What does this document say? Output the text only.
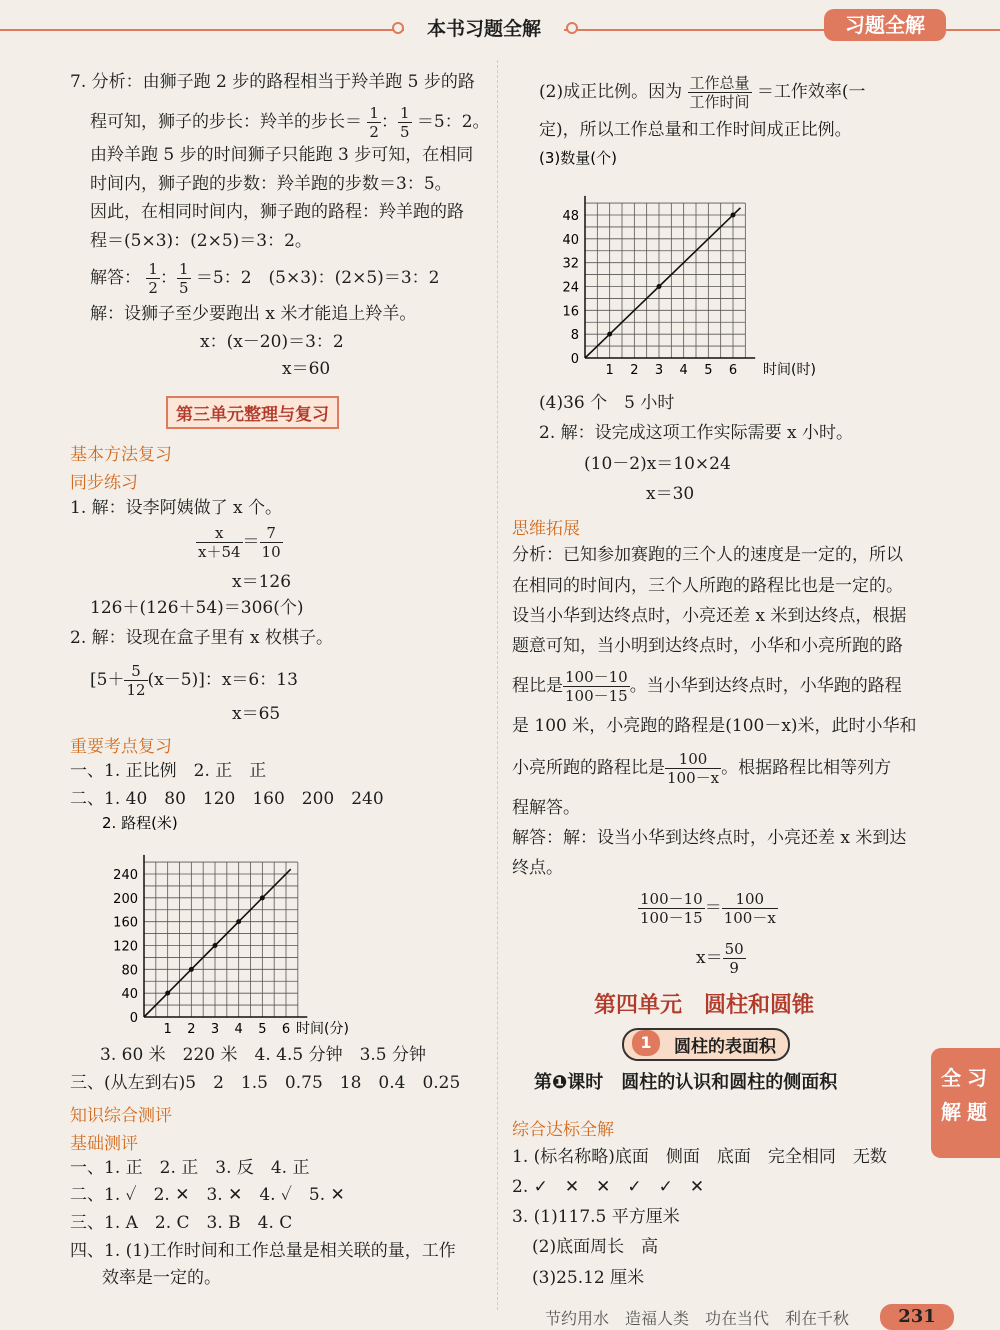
本书习题全解	习题全解
习
题
全
解
7. 分析：由狮子跑 2 步的路程相当于羚羊跑 5 步的路
程可知，狮子的步长：羚羊的步长＝ $\frac{1}{2}$ ： $\frac{1}{5} =5$：2。
由羚羊跑 5 步的时间狮子只能跑 3 步可知，在相同
时间内，狮子跑的步数：羚羊跑的步数＝3：5。
因此，在相同时间内，狮子跑的路程：羚羊跑的路
程＝(5×3)：(2×5)＝3：2。
解答： $\frac{1}{2}$ ： $\frac{1}{5} =5$：2　(5×3)：(2×5)＝3：2
解：设狮子至少要跑出 x 米才能追上羚羊。
x：(x－20)＝3：2
x＝60
第三单元整理与复习
基本方法复习
同步练习
1. 解：设李阿姨做了 x 个。
$\frac{x}{x+54} = \frac{7}{10}$
x＝126
126＋(126＋54)＝306(个)
2. 解：设现在盒子里有 x 枚棋子。
$[5+ \frac{5}{12} (x-5)]$：x＝6：13
x＝65
重要考点复习
一、1. 正比例　2. 正　正
二、1. 40　80　120　160　200　240
2. 路程(米)
0
40
80
120
160
200
240
1 2 3 4 5 6 时间(分)
3. 60 米　220 米　4. 4.5 分钟　3.5 分钟
三、(从左到右)5　2　1.5　0.75　18　0.4　0.25
知识综合测评
基础测评
一、1. 正　2. 正　3. 反　4. 正
二、1. ✓　2. ✕　3. ✕　4. ✓　5. ✕
三、1. A　2. C　3. B　4. C
四、1. (1)工作时间和工作总量是相关联的量，工作
效率是一定的。
(2)成正比例。因为 $\frac{\text{工作总量}}{\text{工作时间}}$ ＝工作效率(一
定)，所以工作总量和工作时间成正比例。
(3)数量(个)
0
8
16
24
32
40
48
1 2 3 4 5 6 时间(时)
(4)36 个　5 小时
2. 解：设完成这项工作实际需要 x 小时。
(10－2)x＝10×24
x＝30
思维拓展
分析：已知参加赛跑的三个人的速度是一定的，所以
在相同的时间内，三个人所跑的路程比也是一定的。
设当小华到达终点时，小亮还差 x 米到达终点，根据
题意可知，当小明到达终点时，小华和小亮所跑的路
程比是 $\frac{100-10}{100-15}$ 。当小华到达终点时，小华跑的路程
是 100 米，小亮跑的路程是(100－x)米，此时小华和
小亮所跑的路程比是 $\frac{100}{100-x}$ 。根据路程比相等列方
程解答。
解答：解：设当小华到达终点时，小亮还差 x 米到达
终点。
$\frac{100-10}{100-15} = \frac{100}{100-x}$
$x= \frac{50}{9}$
第四单元　圆柱和圆锥
1	圆柱的表面积
第❶课时　圆柱的认识和圆柱的侧面积
综合达标全解
1. (标名称略)底面　侧面　底面　完全相同　无数
2. ✓　✕　✕　✓　✓　✕
3. (1)117.5 平方厘米
(2)底面周长　高
(3)25.12 厘米
节约用水　造福人类　功在当代　利在千秋	231
